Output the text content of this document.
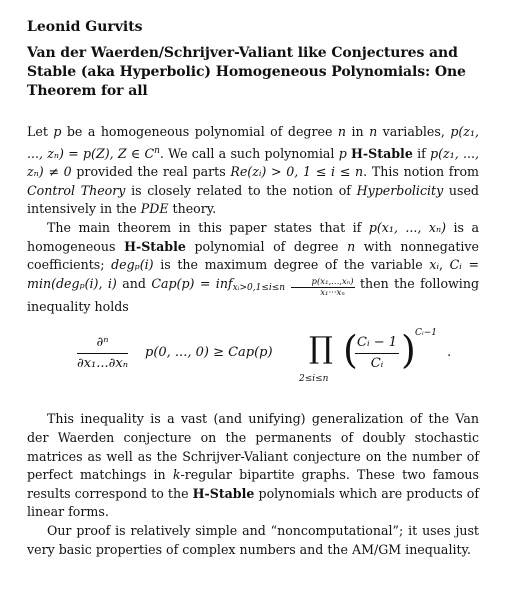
Leonid Gurvits

Van der Waerden/Schrijver-Valiant like Conjectures and Stable (aka Hyperbolic) Homogeneous Polynomials: One Theorem for all

Let p be a homogeneous polynomial of degree n in n variables, p(z₁, ..., zₙ) = p(Z), Z ∈ $C^n$. We call a such polynomial p H-Stable if p(z₁, ..., zₙ) ≠ 0 provided the real parts Re(zᵢ) > 0, 1 ≤ i ≤ n. This notion from Control Theory is closely related to the notion of Hyperbolicity used intensively in the PDE theory.

The main theorem in this paper states that if p(x₁, ..., xₙ) is a homogeneous H-Stable polynomial of degree n with nonnegative coefficients; degₚ(i) is the maximum degree of the variable xᵢ, Cᵢ = min(degₚ(i), i) and $Cap(p) = inf_{xᵢ>0,1\le i\le n} \frac{\text{p(x₁,...,xₙ)}}{\text{x₁···xₙ}}$ then the following inequality holds

$\frac{\text{∂ⁿ}}{\text{∂x₁...∂xₙ}} p(0$, ..., 0) ≥ Cap(p) ∏
2≤i≤n
(
$\frac{\text{Cᵢ − 1}}{\text{Cᵢ}}$ ) Cᵢ−1
.

This inequality is a vast (and unifying) generalization of the Van der Waerden conjecture on the permanents of doubly stochastic matrices as well as the Schrijver-Valiant conjecture on the number of perfect matchings in k-regular bipartite graphs. These two famous results correspond to the H-Stable polynomials which are products of linear forms.

Our proof is relatively simple and “noncomputational”; it uses just very basic properties of complex numbers and the AM/GM inequality.
